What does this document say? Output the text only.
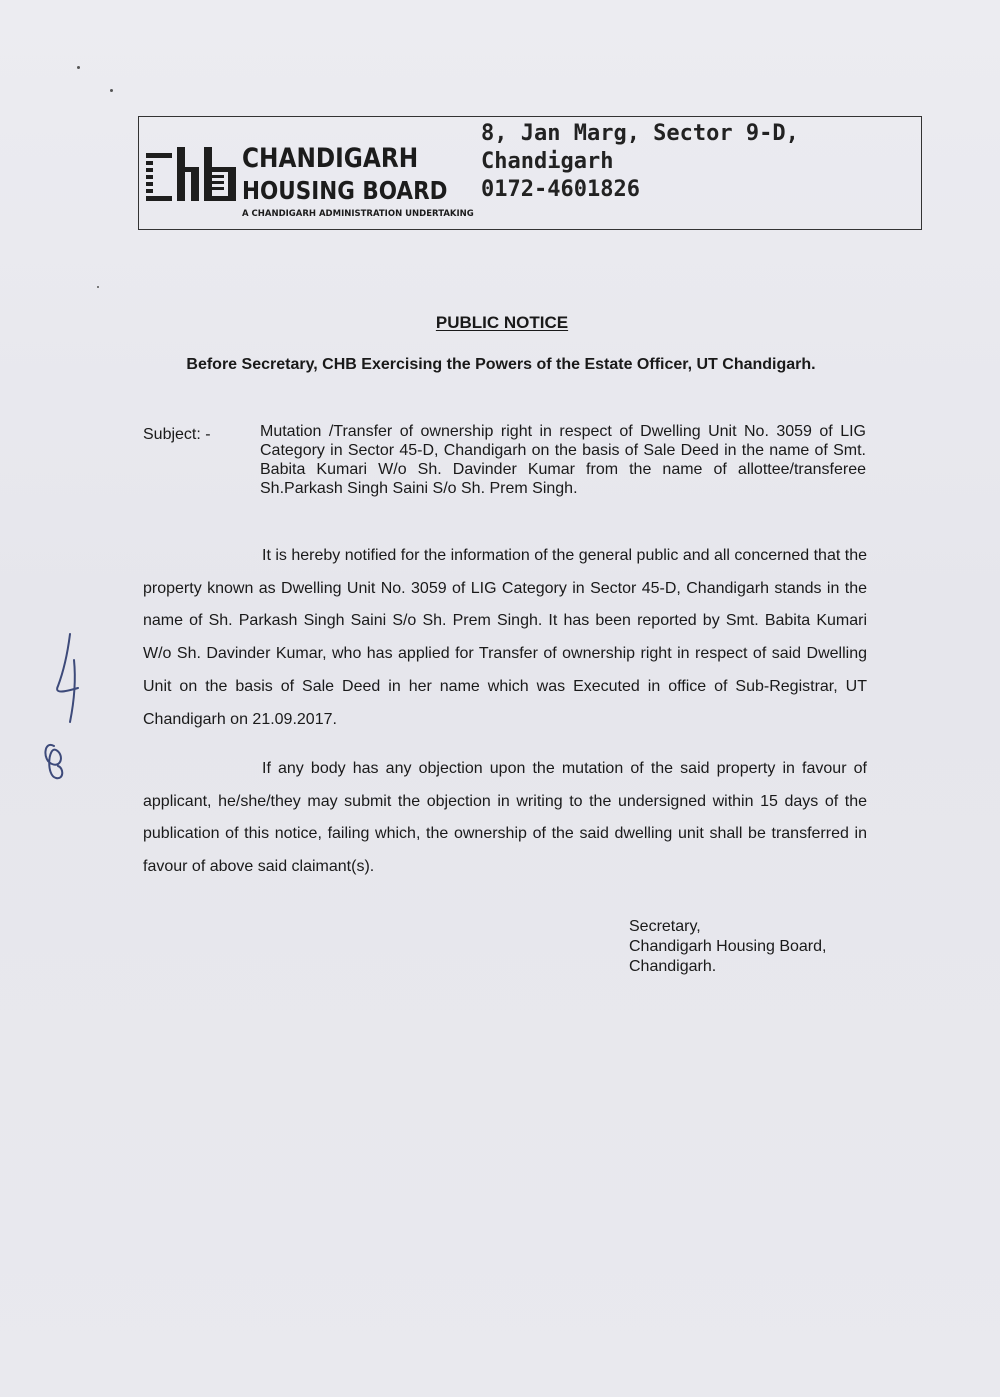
CHANDIGARH
HOUSING BOARD
A CHANDIGARH ADMINISTRATION UNDERTAKING
8, Jan Marg, Sector 9-D,
Chandigarh
0172-4601826
PUBLIC NOTICE
Before Secretary, CHB Exercising the Powers of the Estate Officer, UT Chandigarh.
Subject: -	Mutation /Transfer of ownership right in respect of Dwelling Unit No. 3059 of LIG Category in Sector 45-D, Chandigarh on the basis of Sale Deed in the name of Smt. Babita Kumari W/o Sh. Davinder Kumar from the name of allottee/transferee Sh.Parkash Singh Saini S/o Sh. Prem Singh.
It is hereby notified for the information of the general public and all concerned that the property known as Dwelling Unit No. 3059 of LIG Category in Sector 45-D, Chandigarh stands in the name of Sh. Parkash Singh Saini S/o Sh. Prem Singh. It has been reported by Smt. Babita Kumari W/o Sh. Davinder Kumar, who has applied for Transfer of ownership right in respect of said Dwelling Unit on the basis of Sale Deed in her name which was Executed in office of Sub-Registrar, UT Chandigarh on 21.09.2017.
If any body has any objection upon the mutation of the said property in favour of applicant, he/she/they may submit the objection in writing to the undersigned within 15 days of the publication of this notice, failing which, the ownership of the said dwelling unit shall be transferred in favour of above said claimant(s).
Secretary,
Chandigarh Housing Board,
Chandigarh.
